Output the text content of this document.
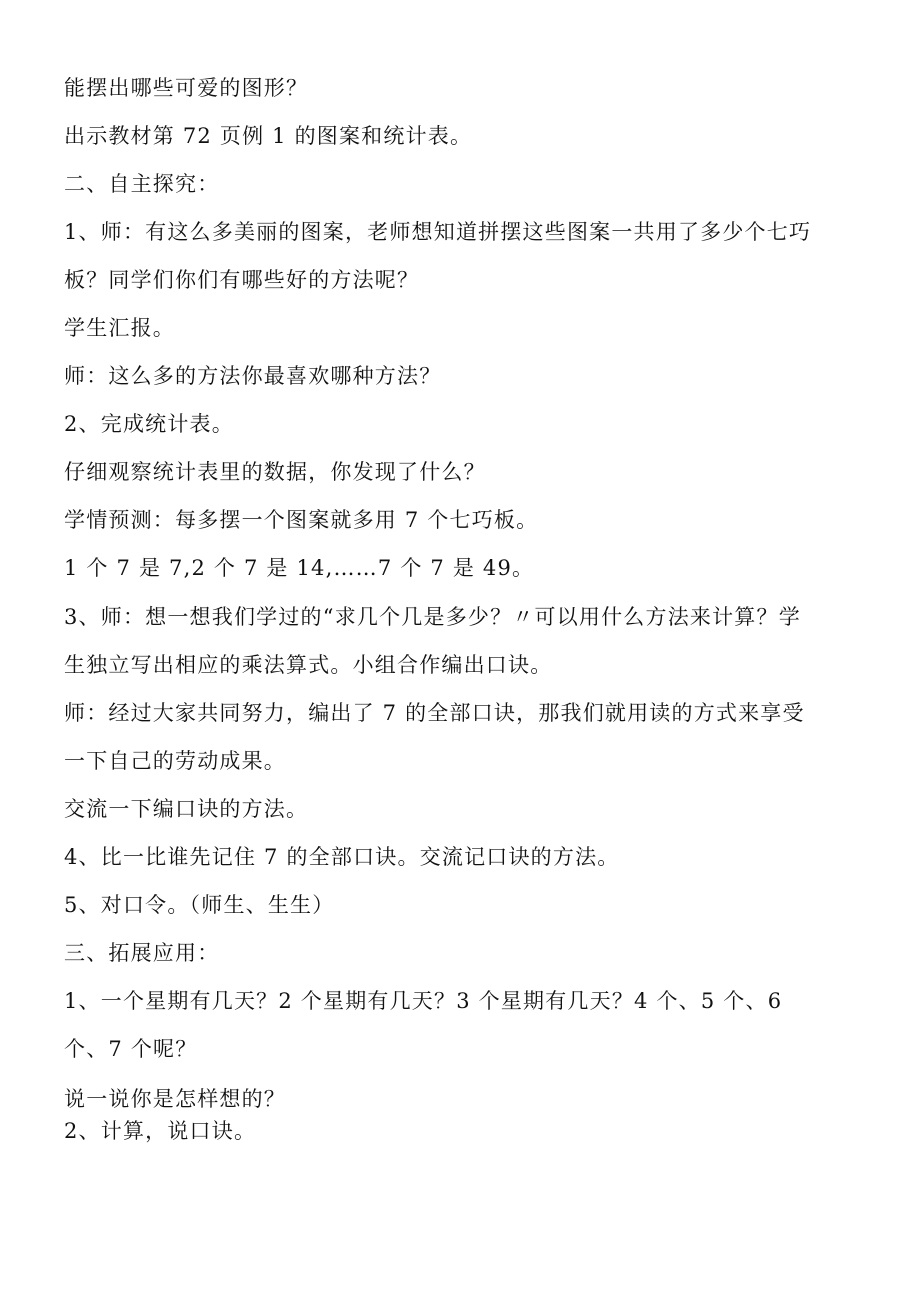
能摆出哪些可爱的图形？
出示教材第 72 页例 1 的图案和统计表。
二、自主探究：
1、师：有这么多美丽的图案，老师想知道拼摆这些图案一共用了多少个七巧
板？同学们你们有哪些好的方法呢？
学生汇报。
师：这么多的方法你最喜欢哪种方法？
2、完成统计表。
仔细观察统计表里的数据，你发现了什么？
学情预测：每多摆一个图案就多用 7 个七巧板。
1 个 7 是 7,2 个 7 是 14,……7 个 7 是 49。
3、师：想一想我们学过的“求几个几是多少？〃可以用什么方法来计算？学
生独立写出相应的乘法算式。小组合作编出口诀。
师：经过大家共同努力，编出了 7 的全部口诀，那我们就用读的方式来享受
一下自己的劳动成果。
交流一下编口诀的方法。
4、比一比谁先记住 7 的全部口诀。交流记口诀的方法。
5、对口令。（师生、生生）
三、拓展应用：
1、一个星期有几天？2 个星期有几天？3 个星期有几天？4 个、5 个、6
个、7 个呢？
说一说你是怎样想的？
2、计算，说口诀。
